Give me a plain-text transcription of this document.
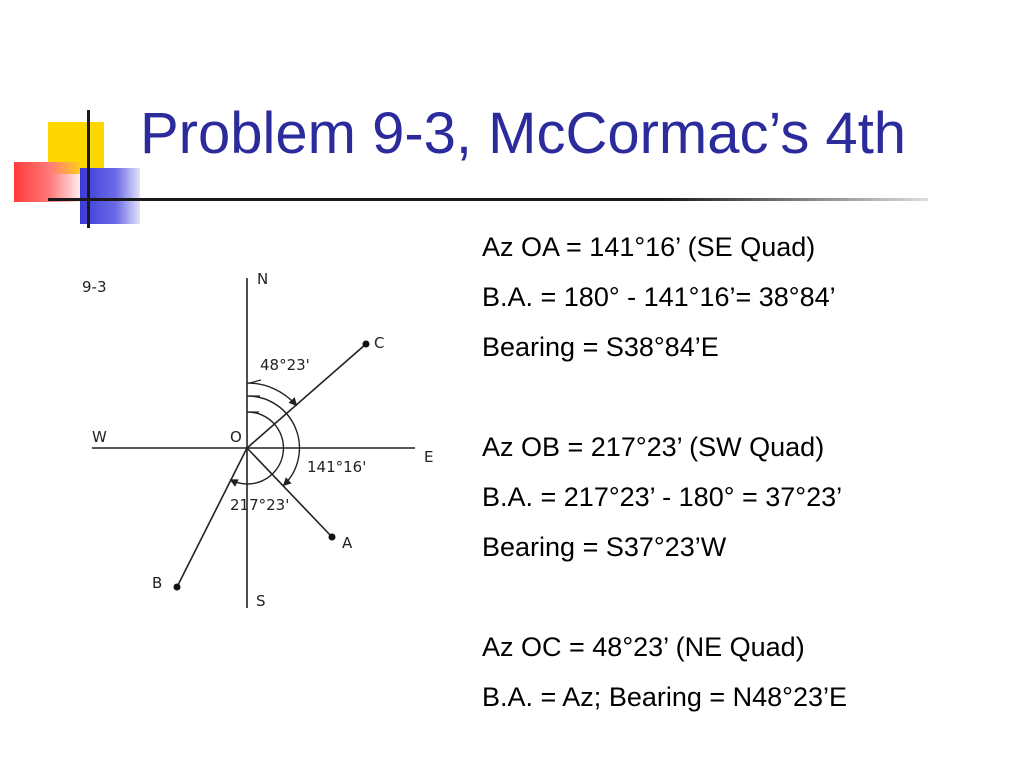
Problem 9-3, McCormac’s 4th
9-3	N
S
E
W	O
C
A
B
48°23'
141°16'
217°23'
Az OA = 141°16’ (SE Quad)
B.A. = 180° - 141°16’= 38°84’
Bearing = S38°84’E
Az OB = 217°23’ (SW Quad)
B.A. = 217°23’ - 180° = 37°23’
Bearing = S37°23’W
Az OC = 48°23’ (NE Quad)
B.A. = Az; Bearing = N48°23’E
